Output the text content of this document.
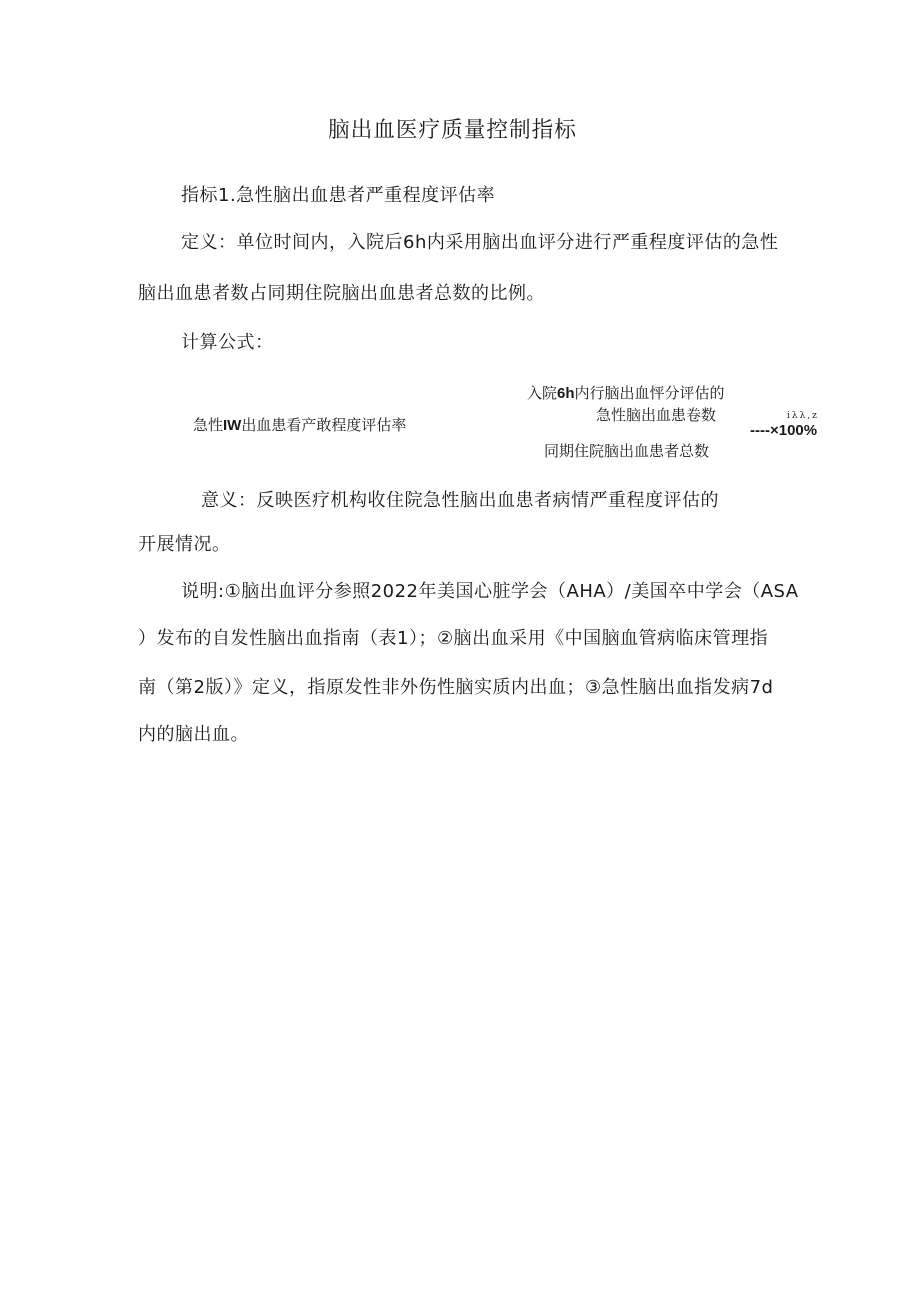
脑出血医疗质量控制指标

指标1.急性脑出血患者严重程度评估率

定义：单位时间内，入院后6h内采用脑出血评分进行严重程度评估的急性

脑出血患者数占同期住院脑出血患者总数的比例。

计算公式：

急性IW出血患看产敢程度评估率
入院6h内行脑出血怦分评估的
急性脑出血患卷数
同期住院脑出血患者总数
iλλ,z
----×100%

意义：反映医疗机构收住院急性脑出血患者病情严重程度评估的

开展情况。

说明:①脑出血评分参照2022年美国心脏学会（AHA）/美国卒中学会（ASA

）发布的自发性脑出血指南（表1）；②脑出血采用《中国脑血管病临床管理指

南（第2版）》定义，指原发性非外伤性脑实质内出血；③急性脑出血指发病7d

内的脑出血。
